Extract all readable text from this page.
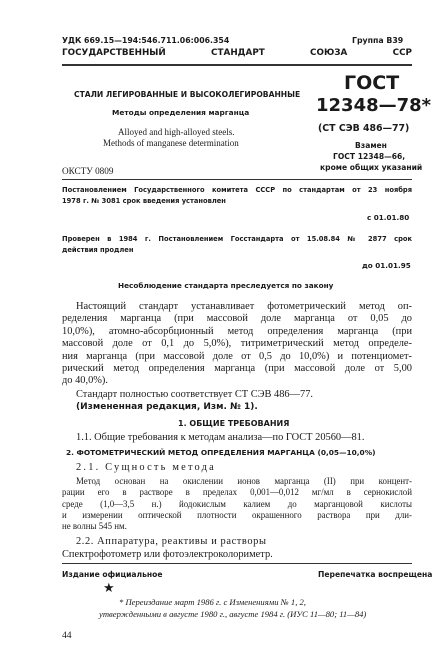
УДК 669.15—194:546.711.06:006.354	Группа В39
ГОСУДАРСТВЕННЫЙ СТАНДАРТ СОЮЗА ССР
СТАЛИ ЛЕГИРОВАННЫЕ И ВЫСОКОЛЕГИРОВАННЫЕ
Методы определения марганца
Alloyed and high-alloyed steels.
Methods of manganese determination
ГОСТ
12348—78*
(СТ СЭВ 486—77)
Взамен
ГОСТ 12348—66,
кроме общих указаний
ОКСТУ 0809
Постановлением Государственного комитета СССР по стандартам от 23 ноября
1978 г. № 3081 срок введения установлен
с 01.01.80
Проверен в 1984 г. Постановлением Госстандарта от 15.08.84 № 2877 срок
действия продлен
до 01.01.95
Несоблюдение стандарта преследуется по закону
Настоящий стандарт устанавливает фотометрический метод оп-
ределения марганца (при массовой доле марганца от 0,05 до
10,0%), атомно-абсорбционный метод определения марганца (при
массовой доле от 0,1 до 5,0%), титриметрический метод определе-
ния марганца (при массовой доле от 0,5 до 10,0%) и потенциомет-
рический метод определения марганца (при массовой доле от 5,00
до 40,0%).
Стандарт полностью соответствует СТ СЭВ 486—77.
(Измененная редакция, Изм. № 1).
1. ОБЩИЕ ТРЕБОВАНИЯ
1.1. Общие требования к методам анализа—по ГОСТ 20560—81.
2. ФОТОМЕТРИЧЕСКИЙ МЕТОД ОПРЕДЕЛЕНИЯ МАРГАНЦА (0,05—10,0%)
2.1. Сущность метода
Метод основан на окислении ионов марганца (II) при концент-
рации его в растворе в пределах 0,001—0,012 мг/мл в сернокислой
среде (1,0—3,5 н.) йодокислым калием до марганцовой кислоты
и измерении оптической плотности окрашенного раствора при дли-
не волны 545 нм.
2.2. Аппаратура, реактивы и растворы
Спектрофотометр или фотоэлектроколориметр.
Издание официальное	Перепечатка воспрещена
★
* Переиздание март 1986 г. с Изменениями № 1, 2,
утвержденными в августе 1980 г., августе 1984 г. (ИУС 11—80; 11—84)
44
